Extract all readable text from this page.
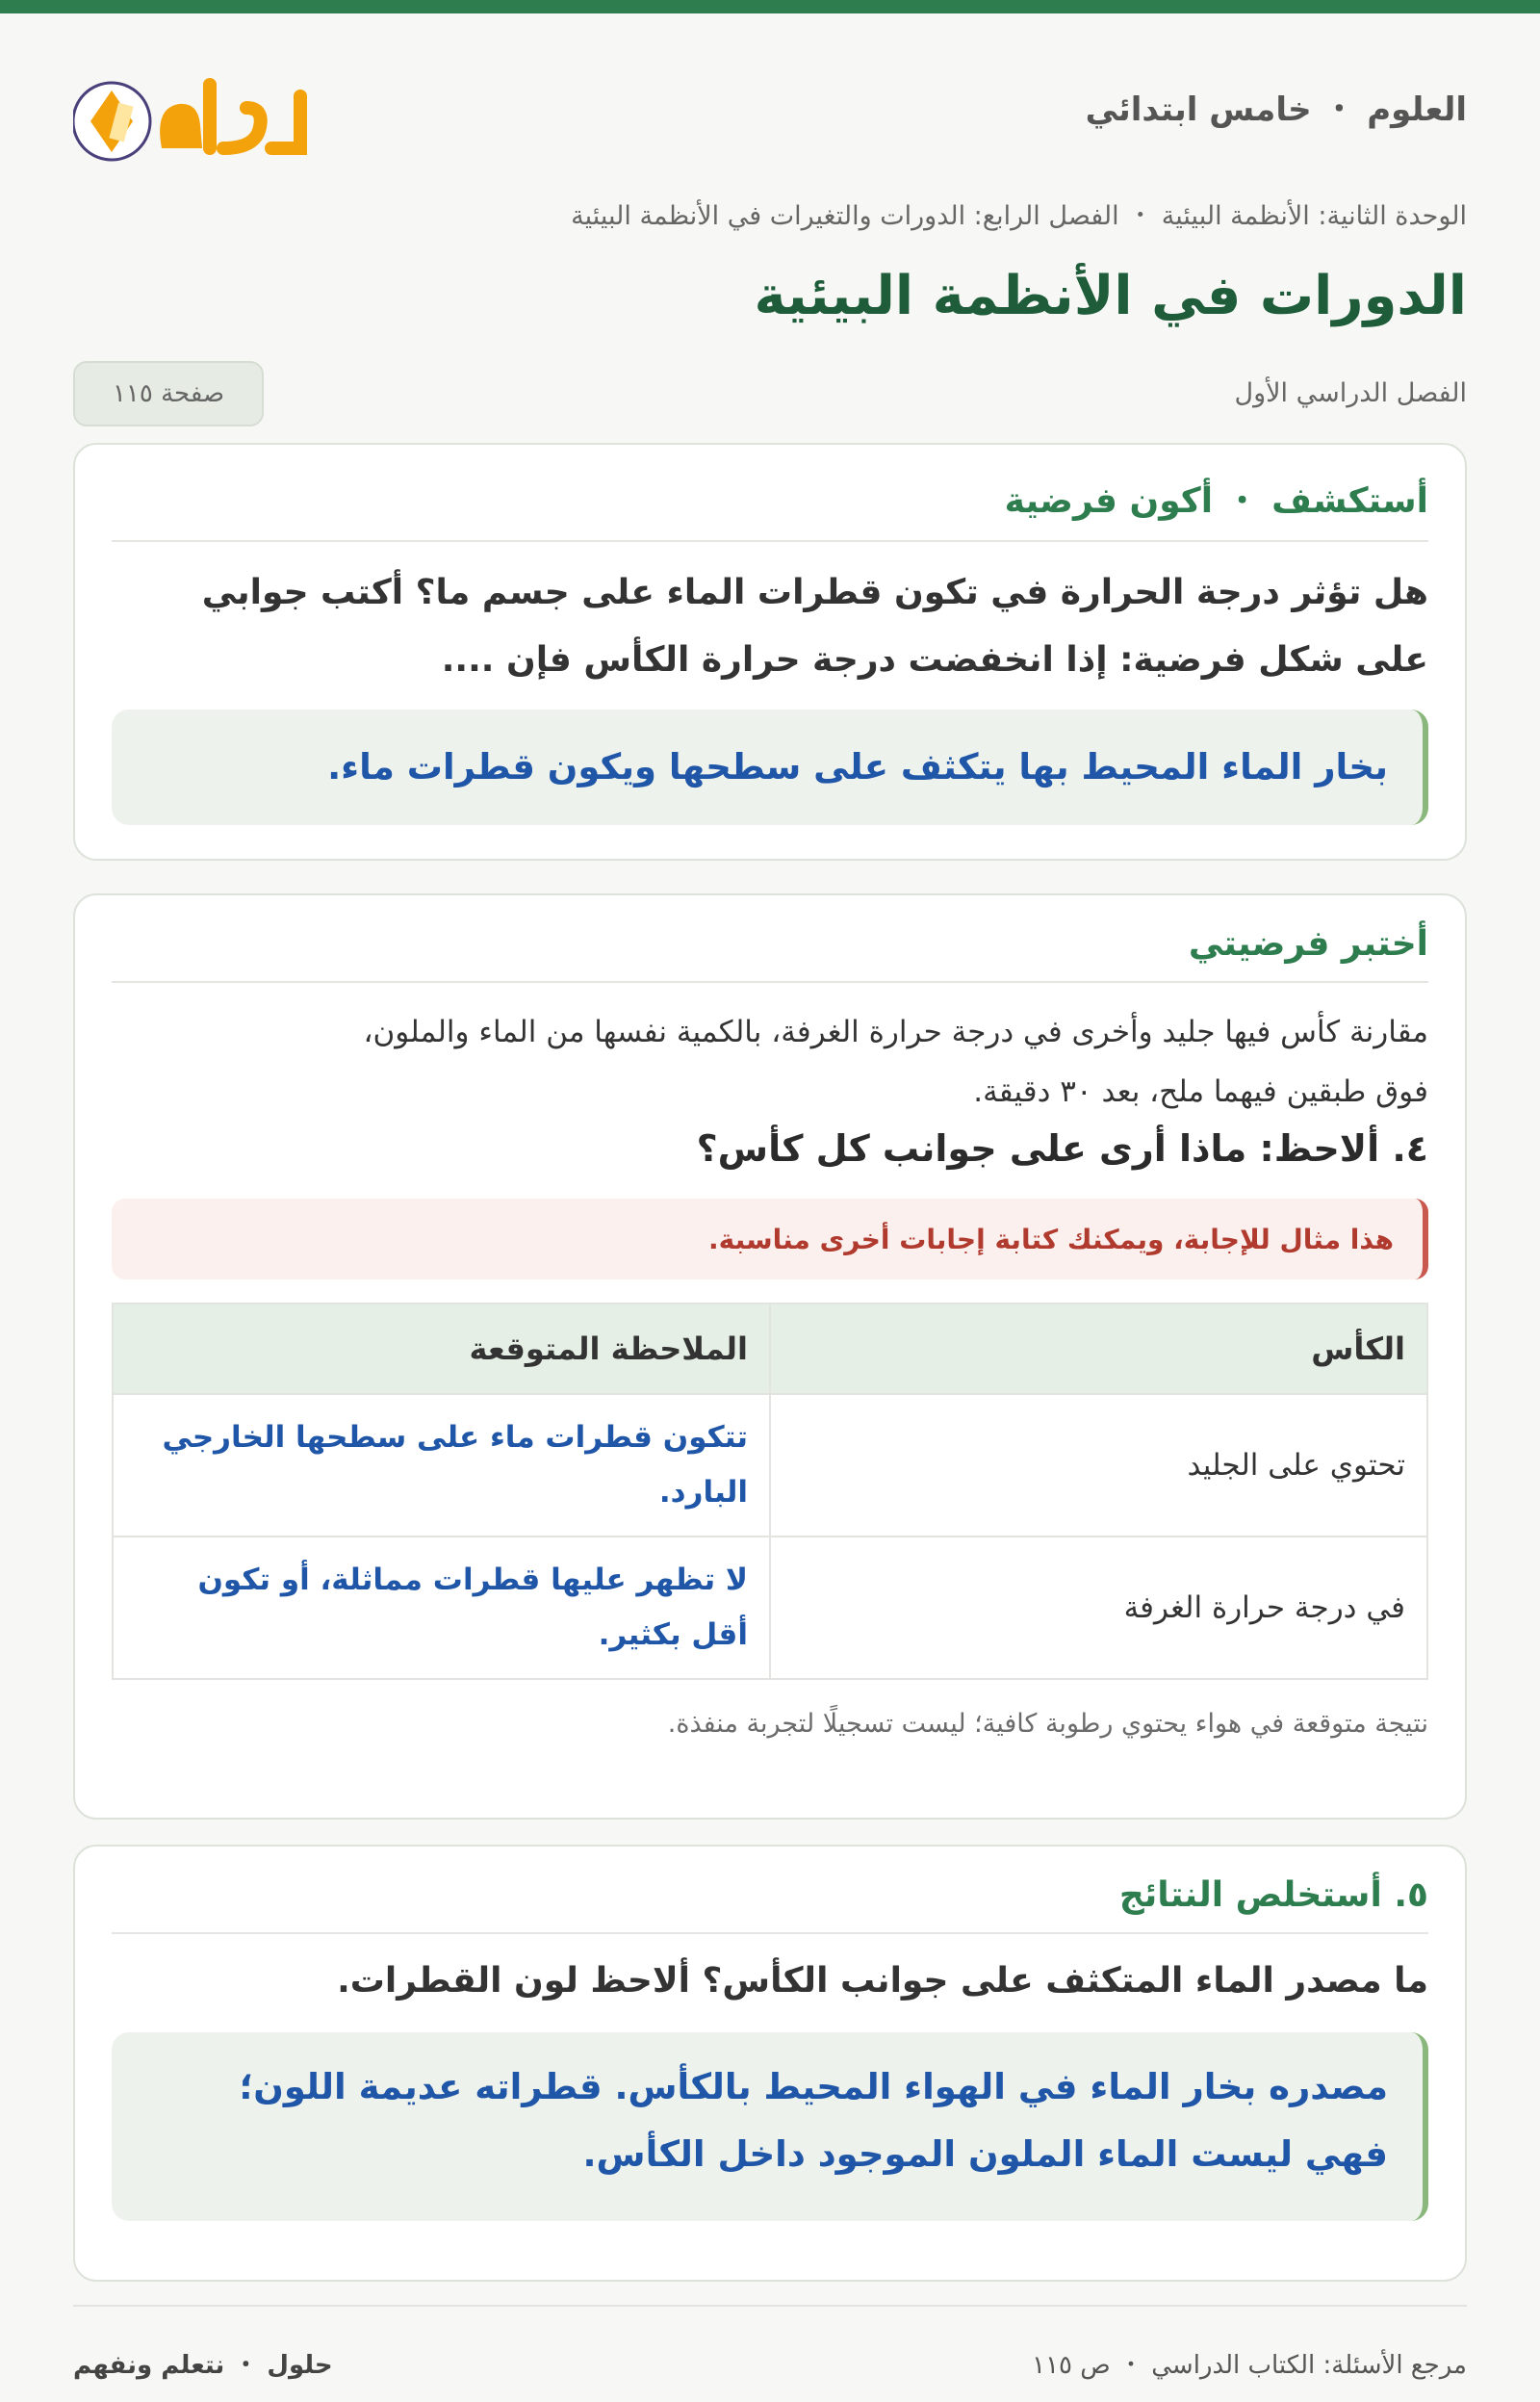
العلوم ・ خامس ابتدائي
الوحدة الثانية: الأنظمة البيئية ・ الفصل الرابع: الدورات والتغيرات في الأنظمة البيئية
الدورات في الأنظمة البيئية
الفصل الدراسي الأول
صفحة ١١٥
أستكشف ・ أكون فرضية
هل تؤثر درجة الحرارة في تكون قطرات الماء على جسم ما؟ أكتب جوابي
على شكل فرضية: إذا انخفضت درجة حرارة الكأس فإن ....
بخار الماء المحيط بها يتكثف على سطحها ويكون قطرات ماء.
أختبر فرضيتي
مقارنة كأس فيها جليد وأخرى في درجة حرارة الغرفة، بالكمية نفسها من الماء والملون،
فوق طبقين فيهما ملح، بعد ٣٠ دقيقة.
٤. ألاحظ: ماذا أرى على جوانب كل كأس؟
هذا مثال للإجابة، ويمكنك كتابة إجابات أخرى مناسبة.
الكأس	الملاحظة المتوقعة
تحتوي على الجليد	تتكون قطرات ماء على سطحها الخارجي البارد.
في درجة حرارة الغرفة	لا تظهر عليها قطرات مماثلة، أو تكون أقل بكثير.
نتيجة متوقعة في هواء يحتوي رطوبة كافية؛ ليست تسجيلًا لتجربة منفذة.
٥. أستخلص النتائج
ما مصدر الماء المتكثف على جوانب الكأس؟ ألاحظ لون القطرات.
مصدره بخار الماء في الهواء المحيط بالكأس. قطراته عديمة اللون؛
فهي ليست الماء الملون الموجود داخل الكأس.
مرجع الأسئلة: الكتاب الدراسي ・ ص ١١٥
حلول ・ نتعلم ونفهم
